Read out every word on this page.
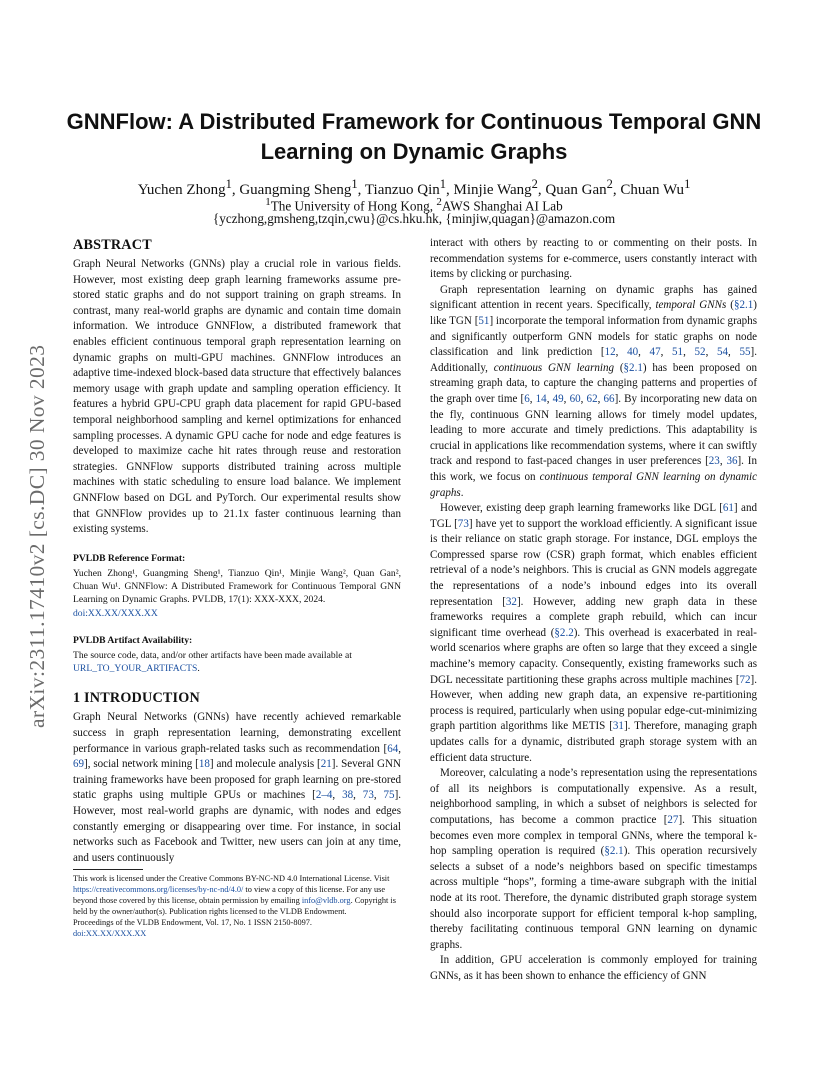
arXiv:2311.17410v2 [cs.DC] 30 Nov 2023
GNNFlow: A Distributed Framework for Continuous Temporal GNN
Learning on Dynamic Graphs
Yuchen Zhong$^1$, Guangming Sheng$^1$, Tianzuo Qin$^1$, Minjie Wang$^2$, Quan Gan$^2$, Chuan Wu$^1$
$^1$The University of Hong Kong, $^2$AWS Shanghai AI Lab
{yczhong,gmsheng,tzqin,cwu}@cs.hku.hk, {minjiw,quagan}@amazon.com
ABSTRACT

Graph Neural Networks (GNNs) play a crucial role in various fields. However, most existing deep graph learning frameworks assume pre-stored static graphs and do not support training on graph streams. In contrast, many real-world graphs are dynamic and contain time domain information. We introduce GNNFlow, a distributed framework that enables efficient continuous temporal graph representation learning on dynamic graphs on multi-GPU machines. GNNFlow introduces an adaptive time-indexed block-based data structure that effectively balances memory usage with graph update and sampling operation efficiency. It features a hybrid GPU-CPU graph data placement for rapid GPU-based temporal neighborhood sampling and kernel optimizations for enhanced sampling processes. A dynamic GPU cache for node and edge features is developed to maximize cache hit rates through reuse and restoration strategies. GNNFlow supports distributed training across multiple machines with static scheduling to ensure load balance. We implement GNNFlow based on DGL and PyTorch. Our experimental results show that GNNFlow provides up to 21.1x faster continuous learning than existing systems.

PVLDB Reference Format:

Yuchen Zhong¹, Guangming Sheng¹, Tianzuo Qin¹, Minjie Wang², Quan Gan², Chuan Wu¹. GNNFlow: A Distributed Framework for Continuous Temporal GNN Learning on Dynamic Graphs. PVLDB, 17(1): XXX-XXX, 2024.

doi:XX.XX/XXX.XX

PVLDB Artifact Availability:

The source code, data, and/or other artifacts have been made available at URL_TO_YOUR_ARTIFACTS.

1 INTRODUCTION

Graph Neural Networks (GNNs) have recently achieved remarkable success in graph representation learning, demonstrating excellent performance in various graph-related tasks such as recommendation [64, 69], social network mining [18] and molecule analysis [21]. Several GNN training frameworks have been proposed for graph learning on pre-stored static graphs using multiple GPUs or machines [2–4, 38, 73, 75]. However, most real-world graphs are dynamic, with nodes and edges constantly emerging or disappearing over time. For instance, in social networks such as Facebook and Twitter, new users can join at any time, and users continuously

This work is licensed under the Creative Commons BY-NC-ND 4.0 International License. Visit https://creativecommons.org/licenses/by-nc-nd/4.0/ to view a copy of this license. For any use beyond those covered by this license, obtain permission by emailing info@vldb.org. Copyright is held by the owner/author(s). Publication rights licensed to the VLDB Endowment.
Proceedings of the VLDB Endowment, Vol. 17, No. 1 ISSN 2150-8097.
doi:XX.XX/XXX.XX

interact with others by reacting to or commenting on their posts. In recommendation systems for e-commerce, users constantly interact with items by clicking or purchasing.

Graph representation learning on dynamic graphs has gained significant attention in recent years. Specifically, temporal GNNs (§2.1) like TGN [51] incorporate the temporal information from dynamic graphs and significantly outperform GNN models for static graphs on node classification and link prediction [12, 40, 47, 51, 52, 54, 55]. Additionally, continuous GNN learning (§2.1) has been proposed on streaming graph data, to capture the changing patterns and properties of the graph over time [6, 14, 49, 60, 62, 66]. By incorporating new data on the fly, continuous GNN learning allows for timely model updates, leading to more accurate and timely predictions. This adaptability is crucial in applications like recommendation systems, where it can swiftly track and respond to fast-paced changes in user preferences [23, 36]. In this work, we focus on continuous temporal GNN learning on dynamic graphs.

However, existing deep graph learning frameworks like DGL [61] and TGL [73] have yet to support the workload efficiently. A significant issue is their reliance on static graph storage. For instance, DGL employs the Compressed sparse row (CSR) graph format, which enables efficient retrieval of a node’s neighbors. This is crucial as GNN models aggregate the representations of a node’s inbound edges into its overall representation [32]. However, adding new graph data in these frameworks requires a complete graph rebuild, which can incur significant time overhead (§2.2). This overhead is exacerbated in real-world scenarios where graphs are often so large that they exceed a single machine’s memory capacity. Consequently, existing frameworks such as DGL necessitate partitioning these graphs across multiple machines [72]. However, when adding new graph data, an expensive re-partitioning process is required, particularly when using popular edge-cut-minimizing graph partition algorithms like METIS [31]. Therefore, managing graph updates calls for a dynamic, distributed graph storage system with an efficient data structure.

Moreover, calculating a node’s representation using the representations of all its neighbors is computationally expensive. As a result, neighborhood sampling, in which a subset of neighbors is selected for computations, has become a common practice [27]. This situation becomes even more complex in temporal GNNs, where the temporal k-hop sampling operation is required (§2.1). This operation recursively selects a subset of a node’s neighbors based on specific timestamps across multiple “hops”, forming a time-aware subgraph with the initial node at its root. Therefore, the dynamic distributed graph storage system should also incorporate support for efficient temporal k-hop sampling, thereby facilitating continuous temporal GNN learning on dynamic graphs.

In addition, GPU acceleration is commonly employed for training GNNs, as it has been shown to enhance the efficiency of GNN
